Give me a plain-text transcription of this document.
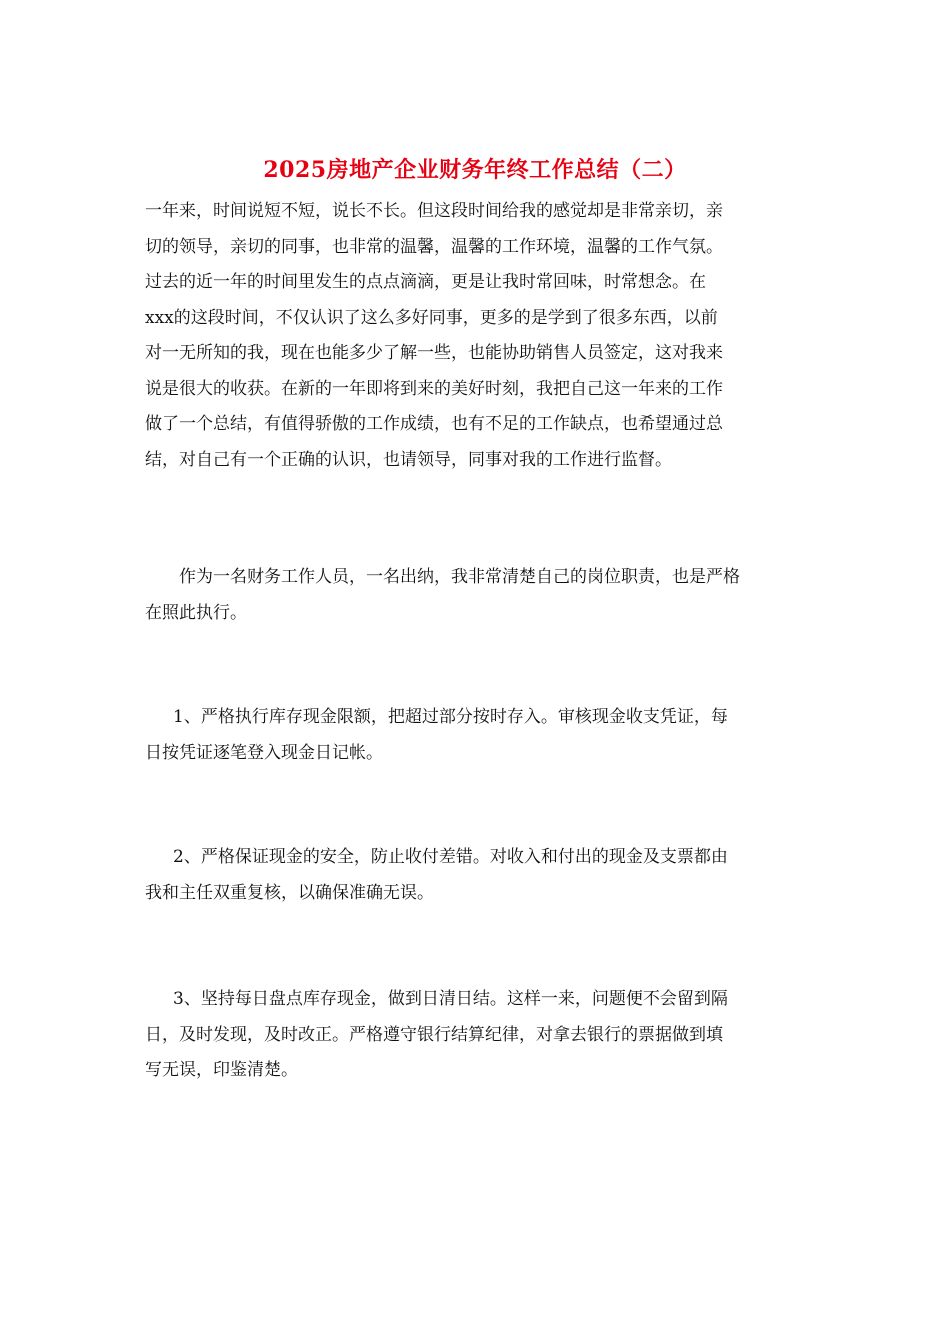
2025房地产企业财务年终工作总结（二）

一年来，时间说短不短，说长不长。但这段时间给我的感觉却是非常亲切，亲
切的领导，亲切的同事，也非常的温馨，温馨的工作环境，温馨的工作气氛。
过去的近一年的时间里发生的点点滴滴，更是让我时常回味，时常想念。在
xxx的这段时间，不仅认识了这么多好同事，更多的是学到了很多东西，以前
对一无所知的我，现在也能多少了解一些，也能协助销售人员签定，这对我来
说是很大的收获。在新的一年即将到来的美好时刻，我把自己这一年来的工作
做了一个总结，有值得骄傲的工作成绩，也有不足的工作缺点，也希望通过总
结，对自己有一个正确的认识，也请领导，同事对我的工作进行监督。

作为一名财务工作人员，一名出纳，我非常清楚自己的岗位职责，也是严格
在照此执行。

1、严格执行库存现金限额，把超过部分按时存入。审核现金收支凭证，每
日按凭证逐笔登入现金日记帐。

2、严格保证现金的安全，防止收付差错。对收入和付出的现金及支票都由
我和主任双重复核，以确保准确无误。

3、坚持每日盘点库存现金，做到日清日结。这样一来，问题便不会留到隔
日，及时发现，及时改正。严格遵守银行结算纪律，对拿去银行的票据做到填
写无误，印鉴清楚。
